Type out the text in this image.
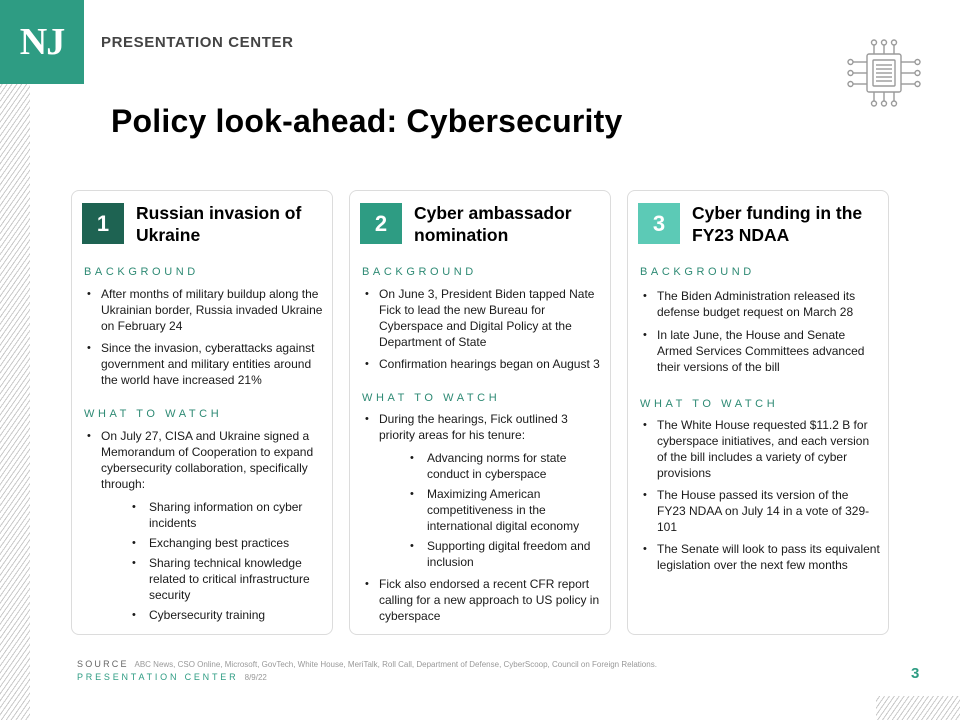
NJ	PRESENTATION CENTER
Policy look-ahead: Cybersecurity
1	Russian invasion of Ukraine
BACKGROUND
• After months of military buildup along the Ukrainian border, Russia invaded Ukraine on February 24
• Since the invasion, cyberattacks against government and military entities around the world have increased 21%
WHAT TO WATCH
• On July 27, CISA and Ukraine signed a Memorandum of Cooperation to expand cybersecurity collaboration, specifically through:
• Sharing information on cyber incidents
• Exchanging best practices
• Sharing technical knowledge related to critical infrastructure security
• Cybersecurity training
2	Cyber ambassador nomination
BACKGROUND
• On June 3, President Biden tapped Nate Fick to lead the new Bureau for Cyberspace and Digital Policy at the Department of State
• Confirmation hearings began on August 3
WHAT TO WATCH
• During the hearings, Fick outlined 3 priority areas for his tenure:
• Advancing norms for state conduct in cyberspace
• Maximizing American competitiveness in the international digital economy
• Supporting digital freedom and inclusion
• Fick also endorsed a recent CFR report calling for a new approach to US policy in cyberspace
3	Cyber funding in the FY23 NDAA
BACKGROUND
• The Biden Administration released its defense budget request on March 28
• In late June, the House and Senate Armed Services Committees advanced their versions of the bill
WHAT TO WATCH
• The White House requested $11.2 B for cyberspace initiatives, and each version of the bill includes a variety of cyber provisions
• The House passed its version of the FY23 NDAA on July 14 in a vote of 329-101
• The Senate will look to pass its equivalent legislation over the next few months
SOURCE ABC News, CSO Online, Microsoft, GovTech, White House, MeriTalk, Roll Call, Department of Defense, CyberScoop, Council on Foreign Relations.
PRESENTATION CENTER 8/9/22	3
